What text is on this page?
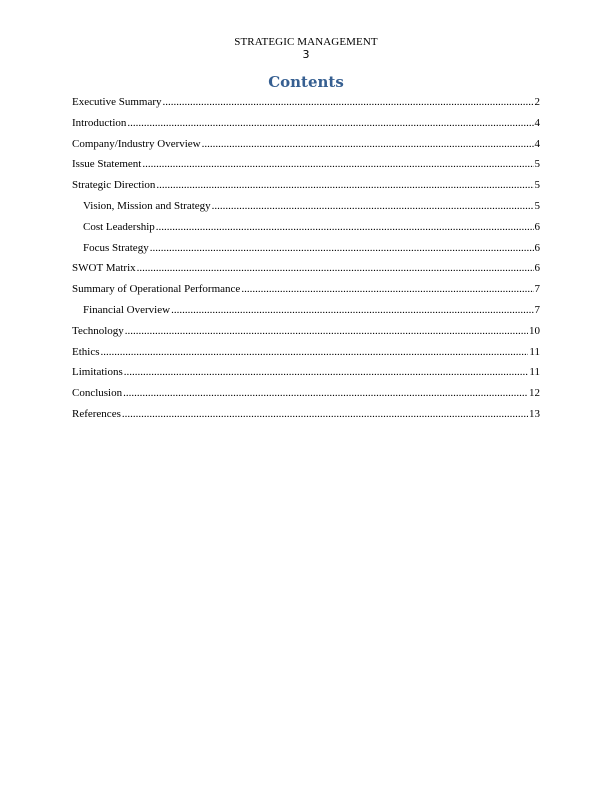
STRATEGIC MANAGEMENT
3
Contents
Executive Summary .....	2
Introduction .....	4
Company/Industry Overview .....	4
Issue Statement .....	5
Strategic Direction .....	5
Vision, Mission and Strategy .....	5
Cost Leadership .....	6
Focus Strategy .....	6
SWOT Matrix .....	6
Summary of Operational Performance .....	7
Financial Overview .....	7
Technology .....	10
Ethics .....	11
Limitations .....	11
Conclusion .....	12
References .....	13
